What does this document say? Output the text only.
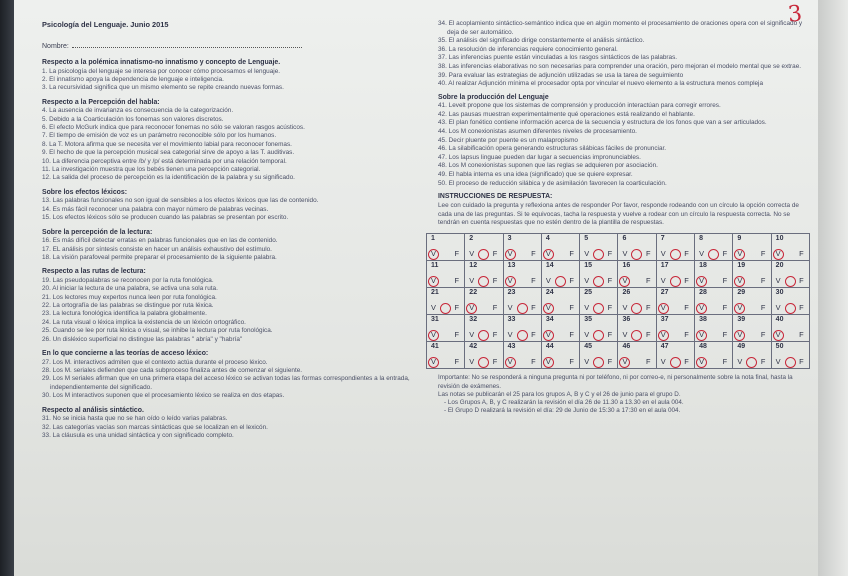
3
Psicología del Lenguaje. Junio 2015
Nombre:
Respecto a la polémica innatismo-no innatismo y concepto de Lenguaje.
1. La psicología del lenguaje se interesa por conocer cómo procesamos el lenguaje.
2. El innatismo apoya la dependencia de lenguaje e inteligencia.
3. La recursividad significa que un mismo elemento se repite creando nuevas formas.
Respecto a la Percepción del habla:
4. La ausencia de invarianza es consecuencia de la categorización.
5. Debido a la Coarticulación los fonemas son valores discretos.
6. El efecto McGurk indica que para reconocer fonemas no sólo se valoran rasgos acústicos.
7. El tiempo de emisión de voz es un parámetro reconocible sólo por los humanos.
8. La T. Motora afirma que se necesita ver el movimiento labial para reconocer fonemas.
9. El hecho de que la percepción musical sea categorial sirve de apoyo a las T. auditivas.
10. La diferencia perceptiva entre /b/ y /p/ está determinada por una relación temporal.
11. La investigación muestra que los bebés tienen una percepción categorial.
12. La salida del proceso de percepción es la identificación de la palabra y su significado.
Sobre los efectos léxicos:
13. Las palabras funcionales no son igual de sensibles a los efectos léxicos que las de contenido.
14. Es más fácil reconocer una palabra con mayor número de palabras vecinas.
15. Los efectos léxicos sólo se producen cuando las palabras se presentan por escrito.
Sobre la percepción de la lectura:
16. Es más difícil detectar erratas en palabras funcionales que en las de contenido.
17. EL análisis por síntesis consiste en hacer un análisis exhaustivo del estímulo.
18. La visión parafoveal permite preparar el procesamiento de la siguiente palabra.
Respecto a las rutas de lectura:
19. Las pseudopalabras se reconocen por la ruta fonológica.
20. Al iniciar la lectura de una palabra, se activa una sola ruta.
21. Los lectores muy expertos nunca leen por ruta fonológica.
22. La ortografía de las palabras se distingue por ruta léxica.
23. La lectura fonológica identifica la palabra globalmente.
24. La ruta visual o léxica implica la existencia de un léxicón ortográfico.
25. Cuando se lee por ruta léxica o visual, se inhibe la lectura por ruta fonológica.
26. Un disléxico superficial no distingue las palabras " abría" y "habría"
En lo que concierne a las teorías de acceso léxico:
27. Los M. interactivos admiten que el contexto actúa durante el proceso léxico.
28. Los M. seriales defienden que cada subproceso finaliza antes de comenzar el siguiente.
29. Los M seriales afirman que en una primera etapa del acceso léxico se activan todas las formas correspondientes a la entrada, independientemente del significado.
30. Los M interactivos suponen que el procesamiento léxico se realiza en dos etapas.
Respecto al análisis sintáctico.
31. No se inicia hasta que no se han oído o leído varias palabras.
32. Las categorías vacías son marcas sintácticas que se localizan en el lexicón.
33. La cláusula es una unidad sintáctica y con significado completo.
34. El acoplamiento sintáctico-semántico indica que en algún momento el procesamiento de oraciones opera con el significado y deja de ser automático.
35. El análisis del significado dirige constantemente el análisis sintáctico.
36. La resolución de inferencias requiere conocimiento general.
37. Las inferencias puente están vinculadas a los rasgos sintácticos de las palabras.
38. Las inferencias elaborativas no son necesarias para comprender una oración, pero mejoran el modelo mental que se extrae.
39. Para evaluar las estrategias de adjunción utilizadas se usa la tarea de seguimiento
40. Al realizar Adjunción mínima el procesador opta por vincular el nuevo elemento a la estructura menos compleja
Sobre la producción del Lenguaje
41. Levelt propone que los sistemas de comprensión y producción interactúan para corregir errores.
42. Las pausas muestran experimentalmente qué operaciones está realizando el hablante.
43. El plan fonético contiene información acerca de la secuencia y estructura de los fonos que van a ser articulados.
44. Los M conexionistas asumen diferentes niveles de procesamiento.
45. Decir pluente por puente es un malapropismo
46. La silabificación opera generando estructuras silábicas fáciles de pronunciar.
47. Los lapsus linguae pueden dar lugar a secuencias impronunciables.
48. Los M conexionistas suponen que las reglas se adquieren por asociación.
49. El habla interna es una idea (significado) que se quiere expresar.
50. El proceso de reducción silábica y de asimilación favorecen la coarticulación.
INSTRUCCIONES DE RESPUESTA:
Lee con cuidado la pregunta y reflexiona antes de responder Por favor, responde rodeando con un círculo la opción correcta de cada una de las preguntas. Si te equivocas, tacha la respuesta y vuelve a rodear con un círculo la respuesta correcta. No se tendrán en cuenta respuestas que no estén dentro de la plantilla de respuestas.
1
V F	2
V F	3
V F	4
V F	5
V F	6
V F	7
V F	8
V F	9
V F	10
V F

11
V F	12
V F	13
V F	14
V F	15
V F	16
V F	17
V F	18
V F	19
V F	20
V F

21
V F	22
V F	23
V F	24
V F	25
V F	26
V F	27
V F	28
V F	29
V F	30
V F

31
V F	32
V F	33
V F	34
V F	35
V F	36
V F	37
V F	38
V F	39
V F	40
V F

41
V F	42
V F	43
V F	44
V F	45
V F	46
V F	47
V F	48
V F	49
V F	50
V F
Importante: No se responderá a ninguna pregunta ni por teléfono, ni por correo-e, ni personalmente sobre la nota final, hasta la revisión de exámenes.
Las notas se publicarán el 25 para los grupos A, B y C y el 26 de junio para el grupo D.
- Los Grupos A, B, y C realizarán la revisión el día 26 de 11.30 a 13.30 en el aula 004.
- El Grupo D realizará la revisión el día: 29 de Junio de 15:30 a 17:30 en el aula 004.
